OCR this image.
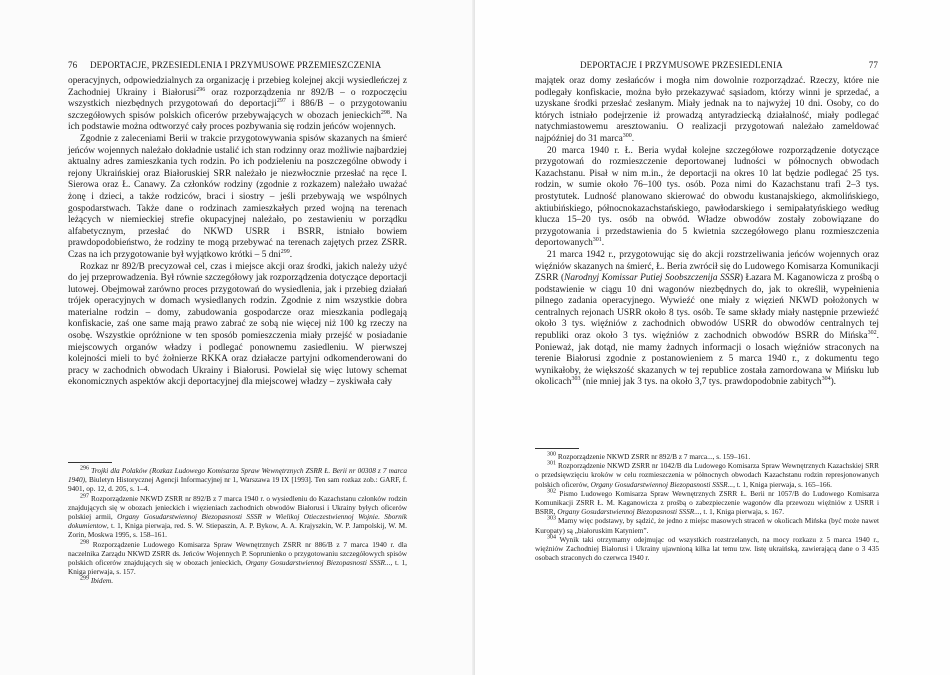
76 DEPORTACJE, PRZESIEDLENIA I PRZYMUSOWE PRZEMIESZCZENIA

operacyjnych, odpowiedzialnych za organizację i przebieg kolejnej akcji wysiedleńczej z Zachodniej Ukrainy i Białorusi$^{296}$ oraz rozporządzenia nr 892/B – o rozpoczęciu wszystkich niezbędnych przygotowań do deportacji$^{297}$ i 886/B – o przygotowaniu szczegółowych spisów polskich oficerów przebywających w obozach jenieckich$^{298}$. Na ich podstawie można odtworzyć cały proces pozbywania się rodzin jeńców wojennych.

Zgodnie z zaleceniami Berii w trakcie przygotowywania spisów skazanych na śmierć jeńców wojennych należało dokładnie ustalić ich stan rodzinny oraz możliwie najbardziej aktualny adres zamieszkania tych rodzin. Po ich podzieleniu na poszczególne obwody i rejony Ukraińskiej oraz Białoruskiej SRR należało je niezwłocznie przesłać na ręce I. Sierowa oraz Ł. Canawy. Za członków rodziny (zgodnie z rozkazem) należało uważać żonę i dzieci, a także rodziców, braci i siostry – jeśli przebywają we wspólnych gospodarstwach. Także dane o rodzinach zamieszkałych przed wojną na terenach leżących w niemieckiej strefie okupacyjnej należało, po zestawieniu w porządku alfabetycznym, przesłać do NKWD USRR i BSRR, istniało bowiem prawdopodobieństwo, że rodziny te mogą przebywać na terenach zajętych przez ZSRR. Czas na ich przygotowanie był wyjątkowo krótki – 5 dni$^{299}$.

Rozkaz nr 892/B precyzował cel, czas i miejsce akcji oraz środki, jakich należy użyć do jej przeprowadzenia. Był równie szczegółowy jak rozporządzenia dotyczące deportacji lutowej. Obejmował zarówno proces przygotowań do wysiedlenia, jak i przebieg działań trójek operacyjnych w domach wysiedlanych rodzin. Zgodnie z nim wszystkie dobra materialne rodzin – domy, zabudowania gospodarcze oraz mieszkania podlegają konfiskacie, zaś one same mają prawo zabrać ze sobą nie więcej niż 100 kg rzeczy na osobę. Wszystkie opróżnione w ten sposób pomieszczenia miały przejść w posiadanie miejscowych organów władzy i podlegać ponownemu zasiedleniu. W pierwszej kolejności mieli to być żołnierze RKKA oraz działacze partyjni odkomenderowani do pracy w zachodnich obwodach Ukrainy i Białorusi. Powielał się więc lutowy schemat ekonomicznych aspektów akcji deportacyjnej dla miejscowej władzy – zyskiwała cały

$^{296}$ Trojki dla Polaków (Rozkaz Ludowego Komisarza Spraw Wewnętrznych ZSRR Ł. Berii nr 00308 z 7 marca 1940), Biuletyn Historycznej Agencji Informacyjnej nr 1, Warszawa 19 IX [1993]. Ten sam rozkaz zob.: GARF, f. 9401, op. 12, d. 205, s. 1–4.

$^{297}$ Rozporządzenie NKWD ZSRR nr 892/B z 7 marca 1940 r. o wysiedleniu do Kazachstanu członków rodzin znajdujących się w obozach jenieckich i więzieniach zachodnich obwodów Białorusi i Ukrainy byłych oficerów polskiej armii, Organy Gosudarstwiennoj Biezopasnosti SSSR w Wielikoj Otieczestwiennoj Wojnie. Sbornik dokumientow, t. 1, Kniga pierwaja, red. S. W. Stiepaszin, A. P. Bykow, A. A. Krajyszkin, W. P. Jampolskij, W. M. Zorin, Moskwa 1995, s. 158–161.

$^{298}$ Rozporządzenie Ludowego Komisarza Spraw Wewnętrznych ZSRR nr 886/B z 7 marca 1940 r. dla naczelnika Zarządu NKWD ZSRR ds. Jeńców Wojennych P. Soprunienko o przygotowaniu szczegółowych spisów polskich oficerów znajdujących się w obozach jenieckich, Organy Gosudarstwiennoj Biezopasnosti SSSR..., t. 1, Kniga pierwaja, s. 157.

$^{299}$ Ibidem.

DEPORTACJE I PRZYMUSOWE PRZESIEDLENIA	77

majątek oraz domy zesłańców i mogła nim dowolnie rozporządzać. Rzeczy, które nie podlegały konfiskacie, można było przekazywać sąsiadom, którzy winni je sprzedać, a uzyskane środki przesłać zesłanym. Miały jednak na to najwyżej 10 dni. Osoby, co do których istniało podejrzenie iż prowadzą antyradziecką działalność, miały podlegać natychmiastowemu aresztowaniu. O realizacji przygotowań należało zameldować najpóźniej do 31 marca$^{300}$.

20 marca 1940 r. Ł. Beria wydał kolejne szczegółowe rozporządzenie dotyczące przygotowań do rozmieszczenie deportowanej ludności w północnych obwodach Kazachstanu. Pisał w nim m.in., że deportacji na okres 10 lat będzie podlegać 25 tys. rodzin, w sumie około 76–100 tys. osób. Poza nimi do Kazachstanu trafi 2–3 tys. prostytutek. Ludność planowano skierować do obwodu kustanajskiego, akmolińskiego, aktiubińskiego, północnokazachstańskiego, pawłodarskiego i semipałatyńskiego według klucza 15–20 tys. osób na obwód. Władze obwodów zostały zobowiązane do przygotowania i przedstawienia do 5 kwietnia szczegółowego planu rozmieszczenia deportowanych$^{301}$.

21 marca 1942 r., przygotowując się do akcji rozstrzeliwania jeńców wojennych oraz więźniów skazanych na śmierć, Ł. Beria zwrócił się do Ludowego Komisarza Komunikacji ZSRR (Narodnyj Komissar Putiej Soobszczenija SSSR) Łazara M. Kaganowicza z prośbą o podstawienie w ciągu 10 dni wagonów niezbędnych do, jak to określił, wypełnienia pilnego zadania operacyjnego. Wywieźć one miały z więzień NKWD położonych w centralnych rejonach USRR około 8 tys. osób. Te same składy miały następnie przewieźć około 3 tys. więźniów z zachodnich obwodów USRR do obwodów centralnych tej republiki oraz około 3 tys. więźniów z zachodnich obwodów BSRR do Mińska$^{302}$. Ponieważ, jak dotąd, nie mamy żadnych informacji o losach więźniów straconych na terenie Białorusi zgodnie z postanowieniem z 5 marca 1940 r., z dokumentu tego wynikałoby, że większość skazanych w tej republice została zamordowana w Mińsku lub okolicach$^{303}$ (nie mniej jak 3 tys. na około 3,7 tys. prawdopodobnie zabitych$^{304}$).

$^{300}$ Rozporządzenie NKWD ZSRR nr 892/B z 7 marca..., s. 159–161.

$^{301}$ Rozporządzenie NKWD ZSRR nr 1042/B dla Ludowego Komisarza Spraw Wewnętrznych Kazachskiej SRR o przedsięwzięciu kroków w celu rozmieszczenia w północnych obwodach Kazachstanu rodzin represjonowanych polskich oficerów, Organy Gosudarstwiennoj Biezopasnosti SSSR..., t. 1, Kniga pierwaja, s. 165–166.

$^{302}$ Pismo Ludowego Komisarza Spraw Wewnętrznych ZSRR Ł. Berii nr 1057/B do Ludowego Komisarza Komunikacji ZSRR Ł. M. Kaganowicza z prośbą o zabezpieczenie wagonów dla przewozu więźniów z USRR i BSRR, Organy Gosudarstwiennoj Biezopasnosti SSSR..., t. 1, Kniga pierwaja, s. 167.

$^{303}$ Mamy więc podstawy, by sądzić, że jedno z miejsc masowych straceń w okolicach Mińska (być może nawet Kuropaty) są „białoruskim Katyniem”.

$^{304}$ Wynik taki otrzymamy odejmując od wszystkich rozstrzelanych, na mocy rozkazu z 5 marca 1940 r., więźniów Zachodniej Białorusi i Ukrainy ujawnioną kilka lat temu tzw. listę ukraińską, zawierającą dane o 3 435 osobach straconych do czerwca 1940 r.
